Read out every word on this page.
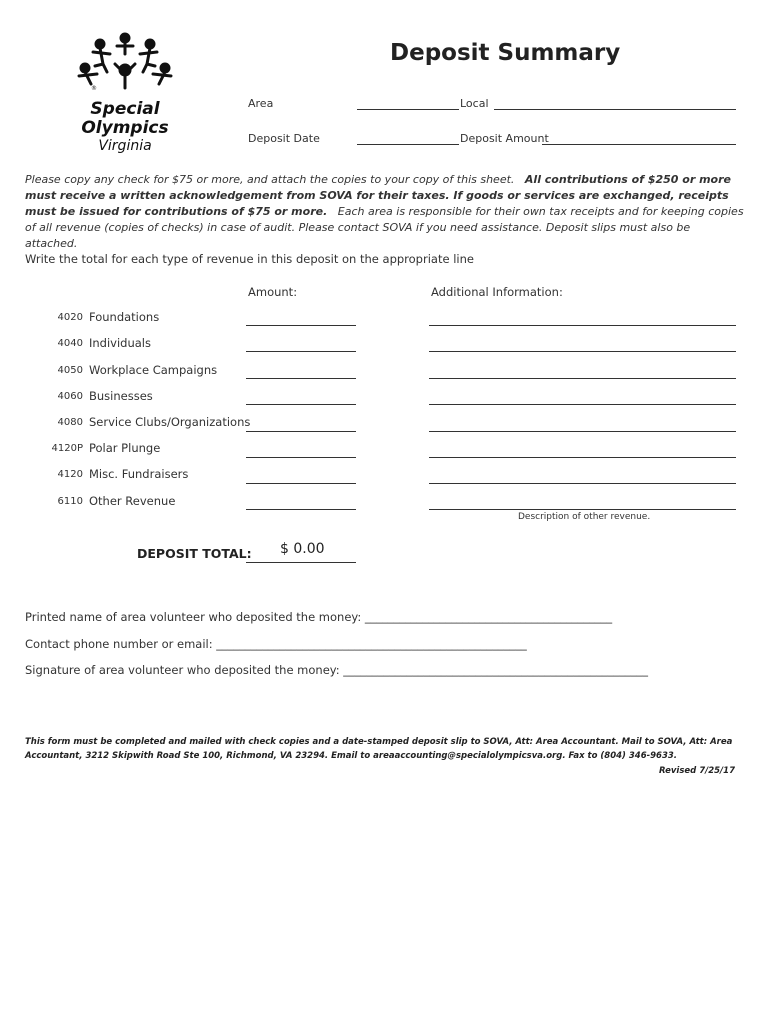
®
Special
Olympics
Virginia
Deposit Summary
Area	Local
Deposit Date	Deposit Amount
Please copy any check for $75 or more, and attach the copies to your copy of this sheet. All contributions of $250 or more must receive a written acknowledgement from SOVA for their taxes. If goods or services are exchanged, receipts must be issued for contributions of $75 or more. Each area is responsible for their own tax receipts and for keeping copies of all revenue (copies of checks) in case of audit. Please contact SOVA if you need assistance. Deposit slips must also be attached.
Write the total for each type of revenue in this deposit on the appropriate line
Amount:	Additional Information:
4020 Foundations
4040 Individuals
4050 Workplace Campaigns
4060 Businesses
4080 Service Clubs/Organizations
4120P Polar Plunge
4120 Misc. Fundraisers
6110 Other Revenue
Description of other revenue.
DEPOSIT TOTAL: $ 0.00
Printed name of area volunteer who deposited the money: ___________________________________________
Contact phone number or email: ______________________________________________________
Signature of area volunteer who deposited the money: _____________________________________________________
This form must be completed and mailed with check copies and a date-stamped deposit slip to SOVA, Att: Area Accountant. Mail to SOVA, Att: Area Accountant, 3212 Skipwith Road Ste 100, Richmond, VA 23294. Email to areaaccounting@specialolympicsva.org. Fax to (804) 346-9633.
Revised 7/25/17
